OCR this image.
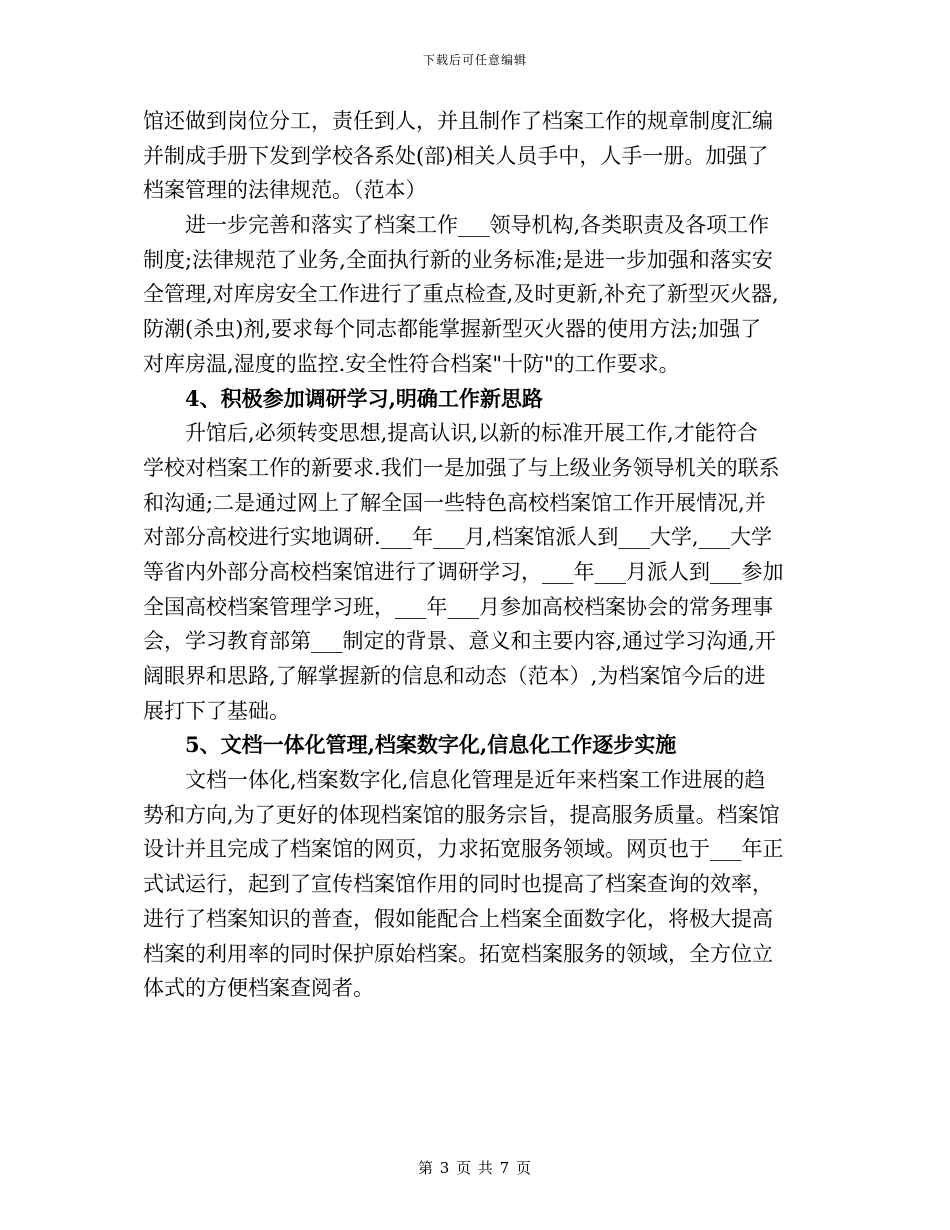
下载后可任意编辑
馆还做到岗位分工，责任到人，并且制作了档案工作的规章制度汇编
并制成手册下发到学校各系处(部)相关人员手中，人手一册。加强了
档案管理的法律规范。（范本）
进一步完善和落实了档案工作___领导机构,各类职责及各项工作
制度;法律规范了业务,全面执行新的业务标准;是进一步加强和落实安
全管理,对库房安全工作进行了重点检查,及时更新,补充了新型灭火器,
防潮(杀虫)剂,要求每个同志都能掌握新型灭火器的使用方法;加强了
对库房温,湿度的监控.安全性符合档案"十防"的工作要求。
4、积极参加调研学习,明确工作新思路
升馆后,必须转变思想,提高认识,以新的标准开展工作,才能符合
学校对档案工作的新要求.我们一是加强了与上级业务领导机关的联系
和沟通;二是通过网上了解全国一些特色高校档案馆工作开展情况,并
对部分高校进行实地调研.___年___月,档案馆派人到___大学,___大学
等省内外部分高校档案馆进行了调研学习，___年___月派人到___参加
全国高校档案管理学习班，___年___月参加高校档案协会的常务理事
会，学习教育部第___制定的背景、意义和主要内容,通过学习沟通,开
阔眼界和思路,了解掌握新的信息和动态（范本）,为档案馆今后的进
展打下了基础。
5、文档一体化管理,档案数字化,信息化工作逐步实施
文档一体化,档案数字化,信息化管理是近年来档案工作进展的趋
势和方向,为了更好的体现档案馆的服务宗旨，提高服务质量。档案馆
设计并且完成了档案馆的网页，力求拓宽服务领域。网页也于___年正
式试运行，起到了宣传档案馆作用的同时也提高了档案查询的效率，
进行了档案知识的普查，假如能配合上档案全面数字化，将极大提高
档案的利用率的同时保护原始档案。拓宽档案服务的领域，全方位立
体式的方便档案查阅者。
第 3 页 共 7 页
